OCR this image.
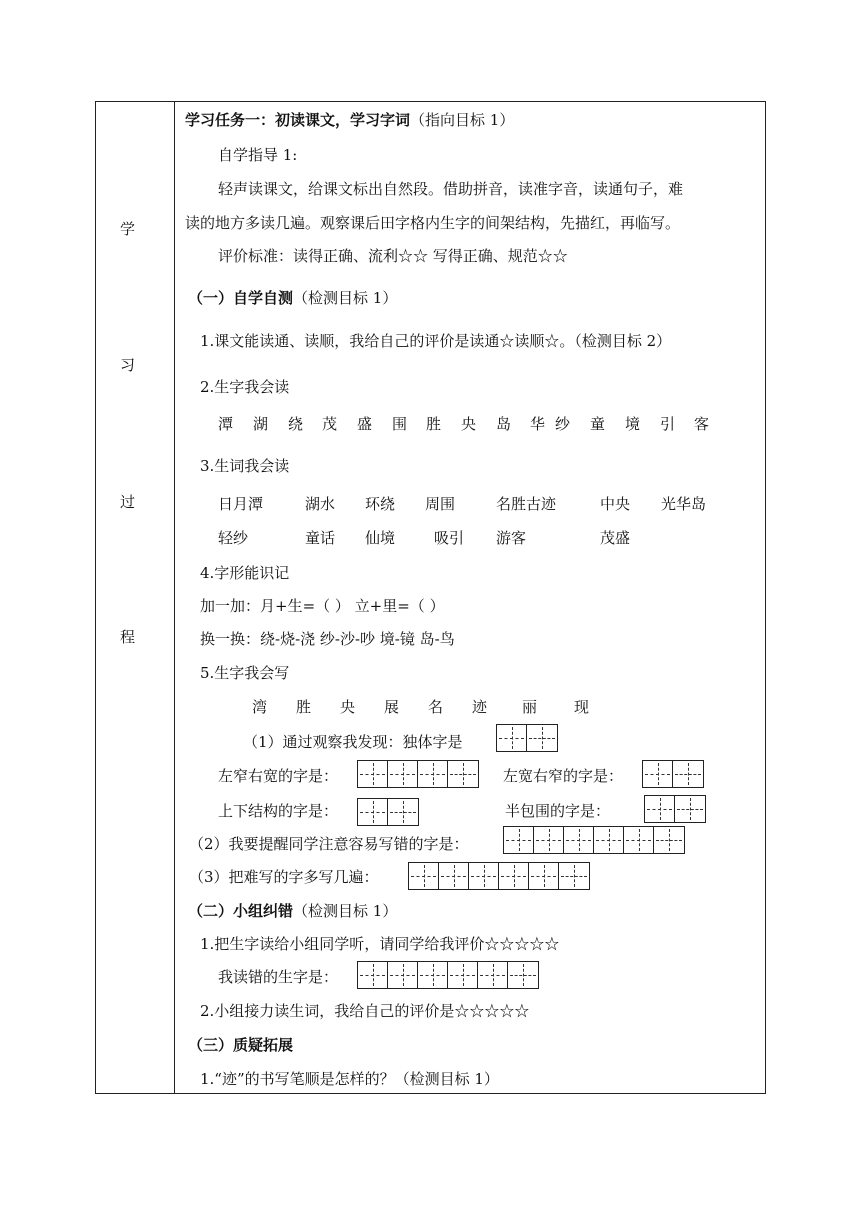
学
习
过
程
学习任务一：初读课文，学习字词（指向目标 1）
自学指导 1:
轻声读课文，给课文标出自然段。借助拼音，读准字音，读通句子，难
读的地方多读几遍。观察课后田字格内生字的间架结构，先描红，再临写。
评价标准：读得正确、流利☆☆ 写得正确、规范☆☆
（一）自学自测（检测目标 1）
1.课文能读通、读顺，我给自己的评价是读通☆读顺☆。（检测目标 2）
2.生字我会读
潭 湖 绕 茂 盛 围 胜 央 岛 华 纱 童 境 引 客
3.生词我会读
日月潭	湖水 环绕 周围	名胜古迹	中央 光华岛
轻纱	童话 仙境	吸引 游客	茂盛
4.字形能识记
加一加：月+生=（ ） 立+里=（ ）
换一换：绕-烧-浇 纱-沙-吵 境-镜 岛-鸟
5.生字我会写
湾 胜 央 展 名 迹 丽 现
（1）通过观察我发现：独体字是
左窄右宽的字是：	左宽右窄的字是：
上下结构的字是：	半包围的字是：
（2）我要提醒同学注意容易写错的字是：
（3）把难写的字多写几遍：
（二）小组纠错（检测目标 1）
1.把生字读给小组同学听，请同学给我评价☆☆☆☆☆
我读错的生字是：
2.小组接力读生词，我给自己的评价是☆☆☆☆☆
（三）质疑拓展
1.“迹”的书写笔顺是怎样的？（检测目标 1）
